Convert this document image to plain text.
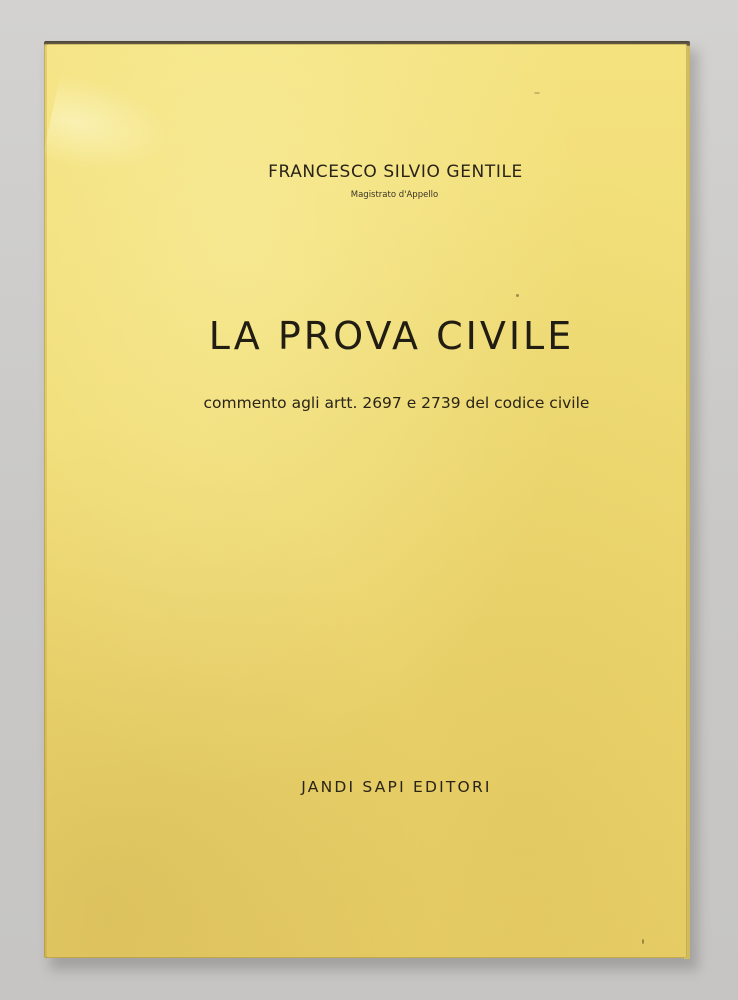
FRANCESCO SILVIO GENTILE
Magistrato d'Appello
LA PROVA CIVILE
commento agli artt. 2697 e 2739 del codice civile
JANDI SAPI EDITORI
